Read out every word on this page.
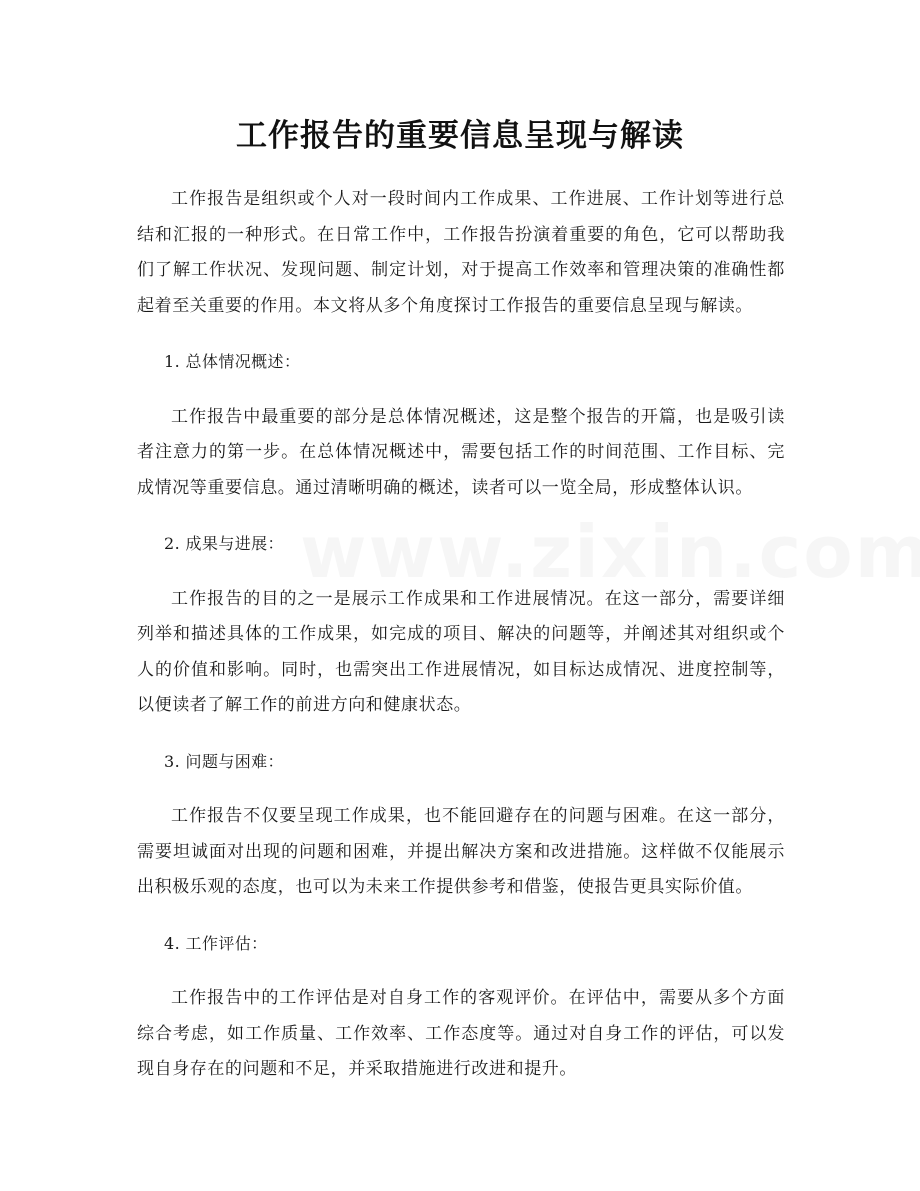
工作报告的重要信息呈现与解读

工作报告是组织或个人对一段时间内工作成果、工作进展、工作计划等进行总结和汇报的一种形式。在日常工作中，工作报告扮演着重要的角色，它可以帮助我们了解工作状况、发现问题、制定计划，对于提高工作效率和管理决策的准确性都起着至关重要的作用。本文将从多个角度探讨工作报告的重要信息呈现与解读。

1. 总体情况概述：

工作报告中最重要的部分是总体情况概述，这是整个报告的开篇，也是吸引读者注意力的第一步。在总体情况概述中，需要包括工作的时间范围、工作目标、完成情况等重要信息。通过清晰明确的概述，读者可以一览全局，形成整体认识。

2. 成果与进展：

工作报告的目的之一是展示工作成果和工作进展情况。在这一部分，需要详细列举和描述具体的工作成果，如完成的项目、解决的问题等，并阐述其对组织或个人的价值和影响。同时，也需突出工作进展情况，如目标达成情况、进度控制等，以便读者了解工作的前进方向和健康状态。

3. 问题与困难：

工作报告不仅要呈现工作成果，也不能回避存在的问题与困难。在这一部分，需要坦诚面对出现的问题和困难，并提出解决方案和改进措施。这样做不仅能展示出积极乐观的态度，也可以为未来工作提供参考和借鉴，使报告更具实际价值。

4. 工作评估：

工作报告中的工作评估是对自身工作的客观评价。在评估中，需要从多个方面综合考虑，如工作质量、工作效率、工作态度等。通过对自身工作的评估，可以发现自身存在的问题和不足，并采取措施进行改进和提升。
